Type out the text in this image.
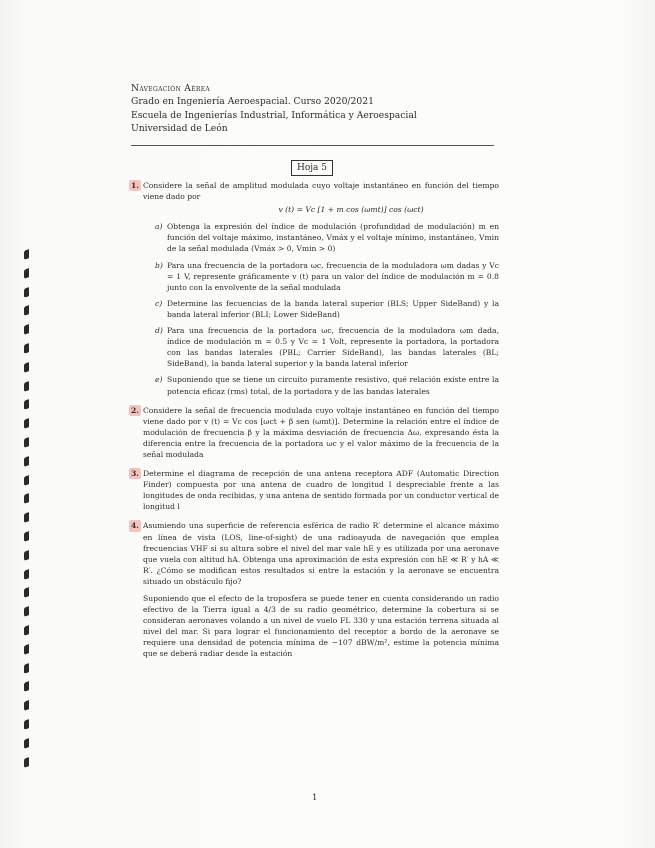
Navegación Aérea
Grado en Ingeniería Aeroespacial. Curso 2020/2021
Escuela de Ingenierías Industrial, Informática y Aeroespacial
Universidad de León
Hoja 5
1. Considere la señal de amplitud modulada cuyo voltaje instantáneo en función del tiempo viene dado por
v (t) = Vc [1 + m cos (ωmt)] cos (ωct)
a) Obtenga la expresión del índice de modulación (profundidad de modulación) m en función del voltaje máximo, instantáneo, Vmáx y el voltaje mínimo, instantáneo, Vmin de la señal modulada (Vmáx > 0, Vmin > 0)
b) Para una frecuencia de la portadora ωc, frecuencia de la moduladora ωm dadas y Vc = 1 V, represente gráficamente v (t) para un valor del índice de modulación m = 0.8 junto con la envolvente de la señal modulada
c) Determine las fecuencias de la banda lateral superior (BLS; Upper SideBand) y la banda lateral inferior (BLI; Lower SideBand)
d) Para una frecuencia de la portadora ωc, frecuencia de la moduladora ωm dada, índice de modulación m = 0.5 y Vc = 1 Volt, represente la portadora, la portadora con las bandas laterales (PBL; Carrier SideBand), las bandas laterales (BL; SideBand), la banda lateral superior y la banda lateral inferior
e) Suponiendo que se tiene un circuito puramente resistivo, qué relación existe entre la potencia eficaz (rms) total, de la portadora y de las bandas laterales
2. Considere la señal de frecuencia modulada cuyo voltaje instantáneo en función del tiempo viene dado por v (t) = Vc cos [ωct + β sen (ωmt)]. Determine la relación entre el índice de modulación de frecuencia β y la máxima desviación de frecuencia Δω, expresando ésta la diferencia entre la frecuencia de la portadora ωc y el valor máximo de la frecuencia de la señal modulada
3. Determine el diagrama de recepción de una antena receptora ADF (Automatic Direction Finder) compuesta por una antena de cuadro de longitud l despreciable frente a las longitudes de onda recibidas, y una antena de sentido formada por un conductor vertical de longitud l
4. Asumiendo una superficie de referencia esférica de radio R′ determine el alcance máximo en línea de vista (LOS, line-of-sight) de una radioayuda de navegación que emplea frecuencias VHF si su altura sobre el nivel del mar vale hE y es utilizada por una aeronave que vuela con altitud hA. Obtenga una aproximación de esta expresión con hE ≪ R′ y hA ≪ R′. ¿Cómo se modifican estos resultados si entre la estación y la aeronave se encuentra situado un obstáculo fijo?
Suponiendo que el efecto de la troposfera se puede tener en cuenta considerando un radio efectivo de la Tierra igual a 4/3 de su radio geométrico, determine la cobertura si se consideran aeronaves volando a un nivel de vuelo FL 330 y una estación terrena situada al nivel del mar. Si para lograr el funcionamiento del receptor a bordo de la aeronave se requiere una densidad de potencia mínima de −107 dBW/m², estime la potencia mínima que se deberá radiar desde la estación
1
